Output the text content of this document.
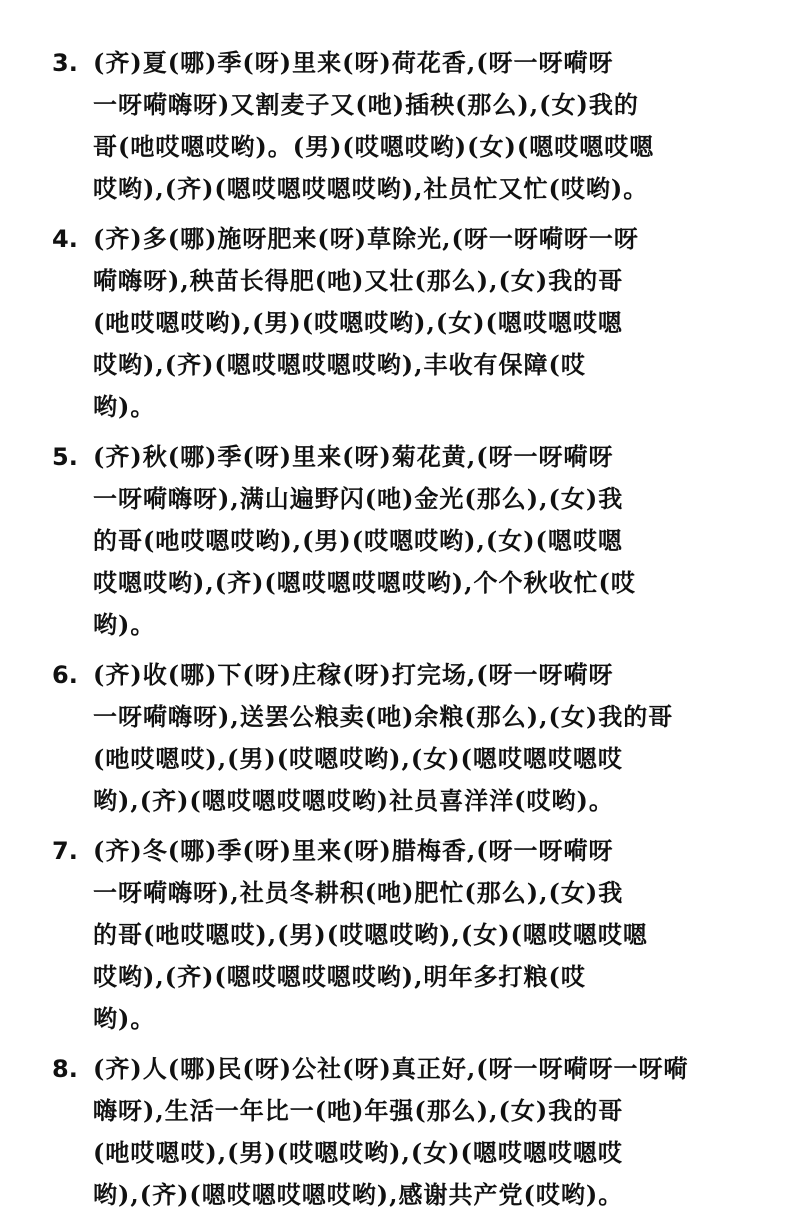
3. (齐)夏(哪)季(呀)里来(呀)荷花香,(呀一呀嗬呀
一呀嗬嗨呀)又割麦子又(吔)插秧(那么),(女)我的
哥(吔哎嗯哎哟)。(男)(哎嗯哎哟)(女)(嗯哎嗯哎嗯
哎哟),(齐)(嗯哎嗯哎嗯哎哟),社员忙又忙(哎哟)。
4. (齐)多(哪)施呀肥来(呀)草除光,(呀一呀嗬呀一呀
嗬嗨呀),秧苗长得肥(吔)又壮(那么),(女)我的哥
(吔哎嗯哎哟),(男)(哎嗯哎哟),(女)(嗯哎嗯哎嗯
哎哟),(齐)(嗯哎嗯哎嗯哎哟),丰收有保障(哎
哟)。
5. (齐)秋(哪)季(呀)里来(呀)菊花黄,(呀一呀嗬呀
一呀嗬嗨呀),满山遍野闪(吔)金光(那么),(女)我
的哥(吔哎嗯哎哟),(男)(哎嗯哎哟),(女)(嗯哎嗯
哎嗯哎哟),(齐)(嗯哎嗯哎嗯哎哟),个个秋收忙(哎
哟)。
6. (齐)收(哪)下(呀)庄稼(呀)打完场,(呀一呀嗬呀
一呀嗬嗨呀),送罢公粮卖(吔)余粮(那么),(女)我的哥
(吔哎嗯哎),(男)(哎嗯哎哟),(女)(嗯哎嗯哎嗯哎
哟),(齐)(嗯哎嗯哎嗯哎哟)社员喜洋洋(哎哟)。
7. (齐)冬(哪)季(呀)里来(呀)腊梅香,(呀一呀嗬呀
一呀嗬嗨呀),社员冬耕积(吔)肥忙(那么),(女)我
的哥(吔哎嗯哎),(男)(哎嗯哎哟),(女)(嗯哎嗯哎嗯
哎哟),(齐)(嗯哎嗯哎嗯哎哟),明年多打粮(哎
哟)。
8. (齐)人(哪)民(呀)公社(呀)真正好,(呀一呀嗬呀一呀嗬
嗨呀),生活一年比一(吔)年强(那么),(女)我的哥
(吔哎嗯哎),(男)(哎嗯哎哟),(女)(嗯哎嗯哎嗯哎
哟),(齐)(嗯哎嗯哎嗯哎哟),感谢共产党(哎哟)。
